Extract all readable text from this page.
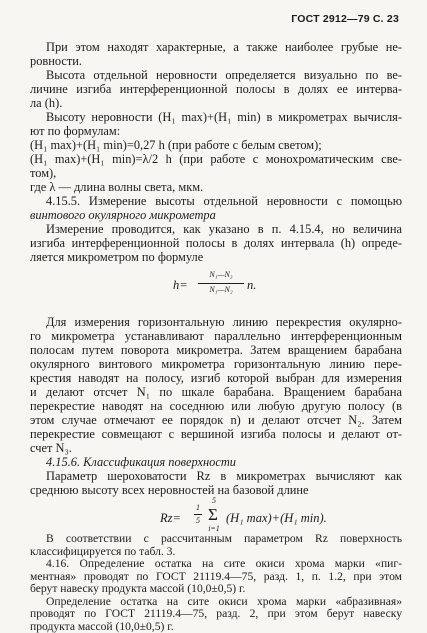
ГОСТ 2912—79 С. 23
При этом находят характерные, а также наиболее грубые не-
ровности.
Высота отдельной неровности определяется визуально по ве-
личине изгиба интерференционной полосы в долях ее интерва-
ла (h).
Высоту неровности (H₁ max)+(H₁ min) в микрометрах вычисля-
ют по формулам:
(H₁ max)+(H₁ min)=0,27 h (при работе с белым светом);
(H₁ max)+(H₁ min)=λ/2 h (при работе с монохроматическим све-
том),
где λ — длина волны света, мкм.
4.15.5. Измерение высоты отдельной неровности с помощью
винтового окулярного микрометра
Измерение проводится, как указано в п. 4.15.4, но величина
изгиба интерференционной полосы в долях интервала (h) опреде-
ляется микрометром по формуле
h=
N₁—N₃
N₁—N₂	n.
Для измерения горизонтальную линию перекрестия окулярно-
го микрометра устанавливают параллельно интерференционным
полосам путем поворота микрометра. Затем вращением барабана
окулярного винтового микрометра горизонтальную линию пере-
крестия наводят на полосу, изгиб которой выбран для измерения
и делают отсчет N₁ по шкале барабана. Вращением барабана
перекрестие наводят на соседнюю или любую другую полосу (в
этом случае отмечают ее порядок n) и делают отсчет N₂. Затем
перекрестие совмещают с вершиной изгиба полосы и делают от-
счет N₃.
4.15.6. Классификация поверхности
Параметр шероховатости Rz в микрометрах вычисляют как
среднюю высоту всех неровностей на базовой длине
Rz=
1
5
5
Σ
i=1
(H₁ max)+(H₁ min).
В соответствии с рассчитанным параметром Rz поверхность
классифицируется по табл. 3.
4.16. Определение остатка на сите окиси хрома марки «пиг-
ментная» проводят по ГОСТ 21119.4—75, разд. 1, п. 1.2, при этом
берут навеску продукта массой (10,0±0,5) г.
Определение остатка на сите окиси хрома марки «абразивная»
проводят по ГОСТ 21119.4—75, разд. 2, при этом берут навеску
продукта массой (10,0±0,5) г.
